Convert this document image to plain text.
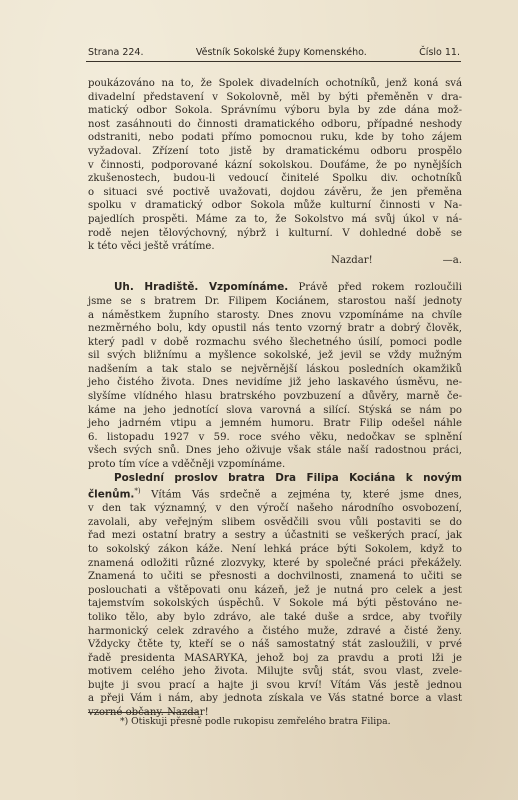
Strana 224.	Věstník Sokolské župy Komenského.	Číslo 11.
poukázováno na to, že Spolek divadelních ochotníků, jenž koná svá
divadelní představení v Sokolovně, měl by býti přeměněn v dra-
matický odbor Sokola. Správnímu výboru byla by zde dána mož-
nost zasáhnouti do činnosti dramatického odboru, případné neshody
odstraniti, nebo podati přímo pomocnou ruku, kde by toho zájem
vyžadoval. Zřízení toto jistě by dramatickému odboru prospělo
v činnosti, podporované kázní sokolskou. Doufáme, že po nynějších
zkušenostech, budou-li vedoucí činitelé Spolku div. ochotníků
o situaci své poctivě uvažovati, dojdou závěru, že jen přeměna
spolku v dramatický odbor Sokola může kulturní činnosti v Na-
pajedlích prospěti. Máme za to, že Sokolstvo má svůj úkol v ná-
rodě nejen tělovýchovný, nýbrž i kulturní. V dohledné době se
k této věci ještě vrátíme.
Nazdar!	—a.
Uh. Hradiště. Vzpomínáme. Právě před rokem rozloučili
jsme se s bratrem Dr. Filipem Kociánem, starostou naší jednoty
a náměstkem župního starosty. Dnes znovu vzpomínáme na chvíle
nezměrného bolu, kdy opustil nás tento vzorný bratr a dobrý člověk,
který padl v době rozmachu svého šlechetného úsilí, pomoci podle
sil svých bližnímu a myšlence sokolské, jež jevil se vždy mužným
nadšením a tak stalo se nejvěrnější láskou posledních okamžiků
jeho čistého života. Dnes nevidíme již jeho laskavého úsměvu, ne-
slyšíme vlídného hlasu bratrského povzbuzení a důvěry, marně če-
káme na jeho jednotící slova varovná a silící. Stýská se nám po
jeho jadrném vtipu a jemném humoru. Bratr Filip odešel náhle
6. listopadu 1927 v 59. roce svého věku, nedočkav se splnění
všech svých snů. Dnes jeho oživuje však stále naší radostnou práci,
proto tím více a vděčněji vzpomínáme.
Poslední proslov bratra Dra Filipa Kociána k novým
členům.*) Vítám Vás srdečně a zejména ty, které jsme dnes,
v den tak významný, v den výročí našeho národního osvobození,
zavolali, aby veřejným slibem osvědčili svou vůli postaviti se do
řad mezi ostatní bratry a sestry a účastniti se veškerých prací, jak
to sokolský zákon káže. Není lehká práce býti Sokolem, když to
znamená odložiti různé zlozvyky, které by společné práci překážely.
Znamená to učiti se přesnosti a dochvilnosti, znamená to učiti se
poslouchati a vštěpovati onu kázeň, jež je nutná pro celek a jest
tajemstvím sokolských úspěchů. V Sokole má býti pěstováno ne-
toliko tělo, aby bylo zdrávo, ale také duše a srdce, aby tvořily
harmonický celek zdravého a čistého muže, zdravé a čisté ženy.
Vždycky čtěte ty, kteří se o náš samostatný stát zasloužili, v prvé
řadě presidenta MASARYKA, jehož boj za pravdu a proti lži je
motivem celého jeho života. Milujte svůj stát, svou vlast, zvele-
bujte ji svou prací a hajte ji svou krví! Vítám Vás jestě jednou
a přeji Vám i nám, aby jednota získala ve Vás statné borce a vlast
vzorné občany. Nazdar!
*) Otiskuji přesně podle rukopisu zemřelého bratra Filipa.
